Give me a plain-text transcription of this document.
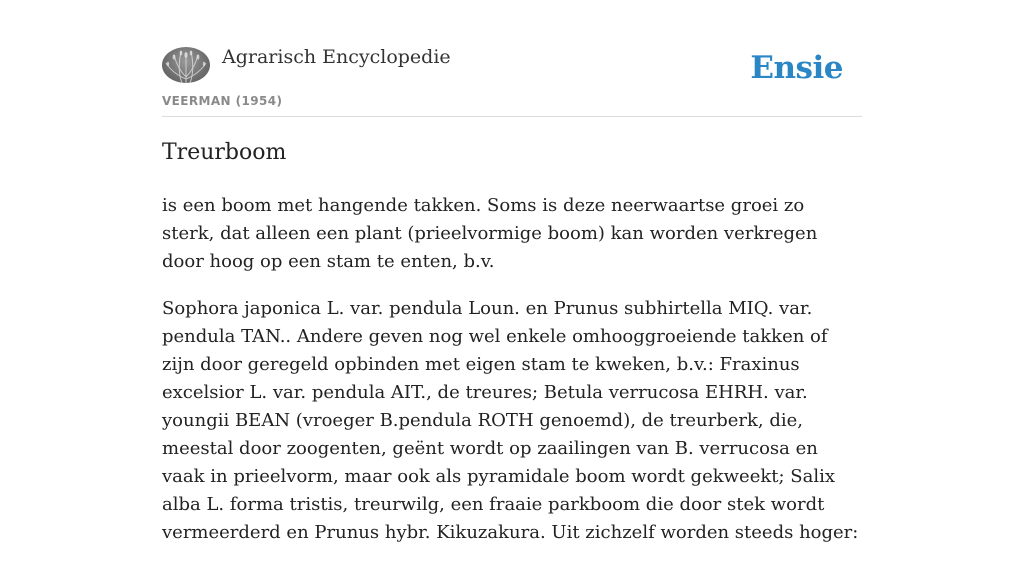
Agrarisch Encyclopedie	Ensie
VEERMAN (1954)
Treurboom

is een boom met hangende takken. Soms is deze neerwaartse groei zo sterk, dat alleen een plant (prieelvormige boom) kan worden verkregen door hoog op een stam te enten, b.v.

Sophora japonica L. var. pendula Loun. en Prunus subhirtella MIQ. var. pendula TAN.. Andere geven nog wel enkele omhooggroeiende takken of zijn door geregeld opbinden met eigen stam te kweken, b.v.: Fraxinus excelsior L. var. pendula AIT., de treures; Betula verrucosa EHRH. var. youngii BEAN (vroeger B.pendula ROTH genoemd), de treurberk, die, meestal door zoogenten, geënt wordt op zaailingen van B. verrucosa en vaak in prieelvorm, maar ook als pyramidale boom wordt gekweekt; Salix alba L. forma tristis, treurwilg, een fraaie parkboom die door stek wordt vermeerderd en Prunus hybr. Kikuzakura. Uit zichzelf worden steeds hoger:
